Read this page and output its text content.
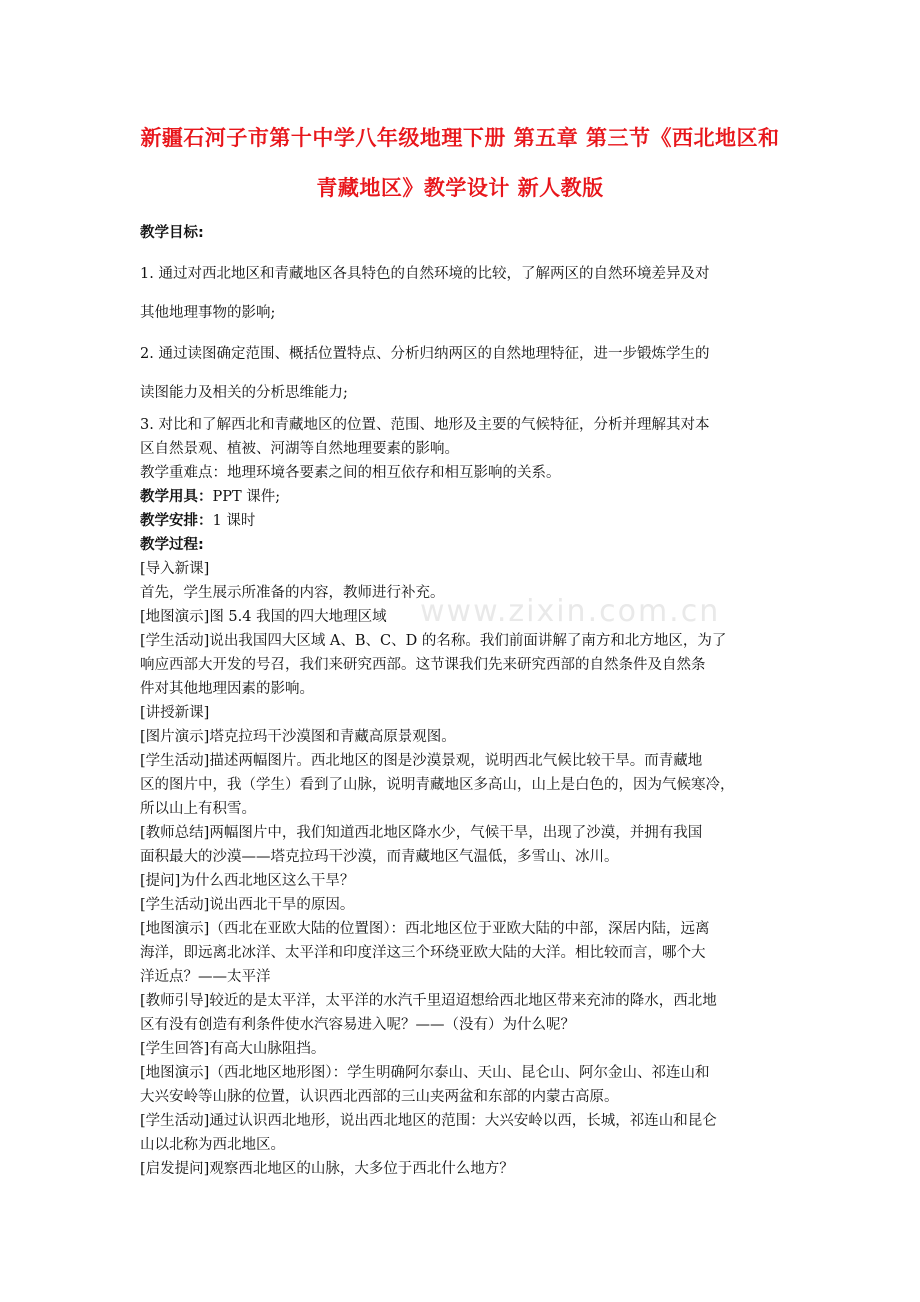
新疆石河子市第十中学八年级地理下册 第五章 第三节《西北地区和
青藏地区》教学设计 新人教版
www.zixin.com.cn
教学目标:
1. 通过对西北地区和青藏地区各具特色的自然环境的比较，了解两区的自然环境差异及对
其他地理事物的影响;
2. 通过读图确定范围、概括位置特点、分析归纳两区的自然地理特征，进一步锻炼学生的
读图能力及相关的分析思维能力;
3. 对比和了解西北和青藏地区的位置、范围、地形及主要的气候特征，分析并理解其对本
区自然景观、植被、河湖等自然地理要素的影响。
教学重难点：地理环境各要素之间的相互依存和相互影响的关系。
教学用具：PPT 课件;
教学安排：1 课时
教学过程:
[导入新课]
首先，学生展示所准备的内容，教师进行补充。
[地图演示]图 5.4 我国的四大地理区域
[学生活动]说出我国四大区域 A、B、C、D 的名称。我们前面讲解了南方和北方地区，为了
响应西部大开发的号召，我们来研究西部。这节课我们先来研究西部的自然条件及自然条
件对其他地理因素的影响。
[讲授新课]
[图片演示]塔克拉玛干沙漠图和青藏高原景观图。
[学生活动]描述两幅图片。西北地区的图是沙漠景观，说明西北气候比较干旱。而青藏地
区的图片中，我（学生）看到了山脉，说明青藏地区多高山，山上是白色的，因为气候寒冷，
所以山上有积雪。
[教师总结]两幅图片中，我们知道西北地区降水少，气候干旱，出现了沙漠，并拥有我国
面积最大的沙漠——塔克拉玛干沙漠，而青藏地区气温低，多雪山、冰川。
[提问]为什么西北地区这么干旱？
[学生活动]说出西北干旱的原因。
[地图演示]（西北在亚欧大陆的位置图）：西北地区位于亚欧大陆的中部，深居内陆，远离
海洋，即远离北冰洋、太平洋和印度洋这三个环绕亚欧大陆的大洋。相比较而言，哪个大
洋近点？——太平洋
[教师引导]较近的是太平洋，太平洋的水汽千里迢迢想给西北地区带来充沛的降水，西北地
区有没有创造有利条件使水汽容易进入呢？——（没有）为什么呢？
[学生回答]有高大山脉阻挡。
[地图演示]（西北地区地形图）：学生明确阿尔泰山、天山、昆仑山、阿尔金山、祁连山和
大兴安岭等山脉的位置，认识西北西部的三山夹两盆和东部的内蒙古高原。
[学生活动]通过认识西北地形，说出西北地区的范围：大兴安岭以西，长城，祁连山和昆仑
山以北称为西北地区。
[启发提问]观察西北地区的山脉，大多位于西北什么地方？
